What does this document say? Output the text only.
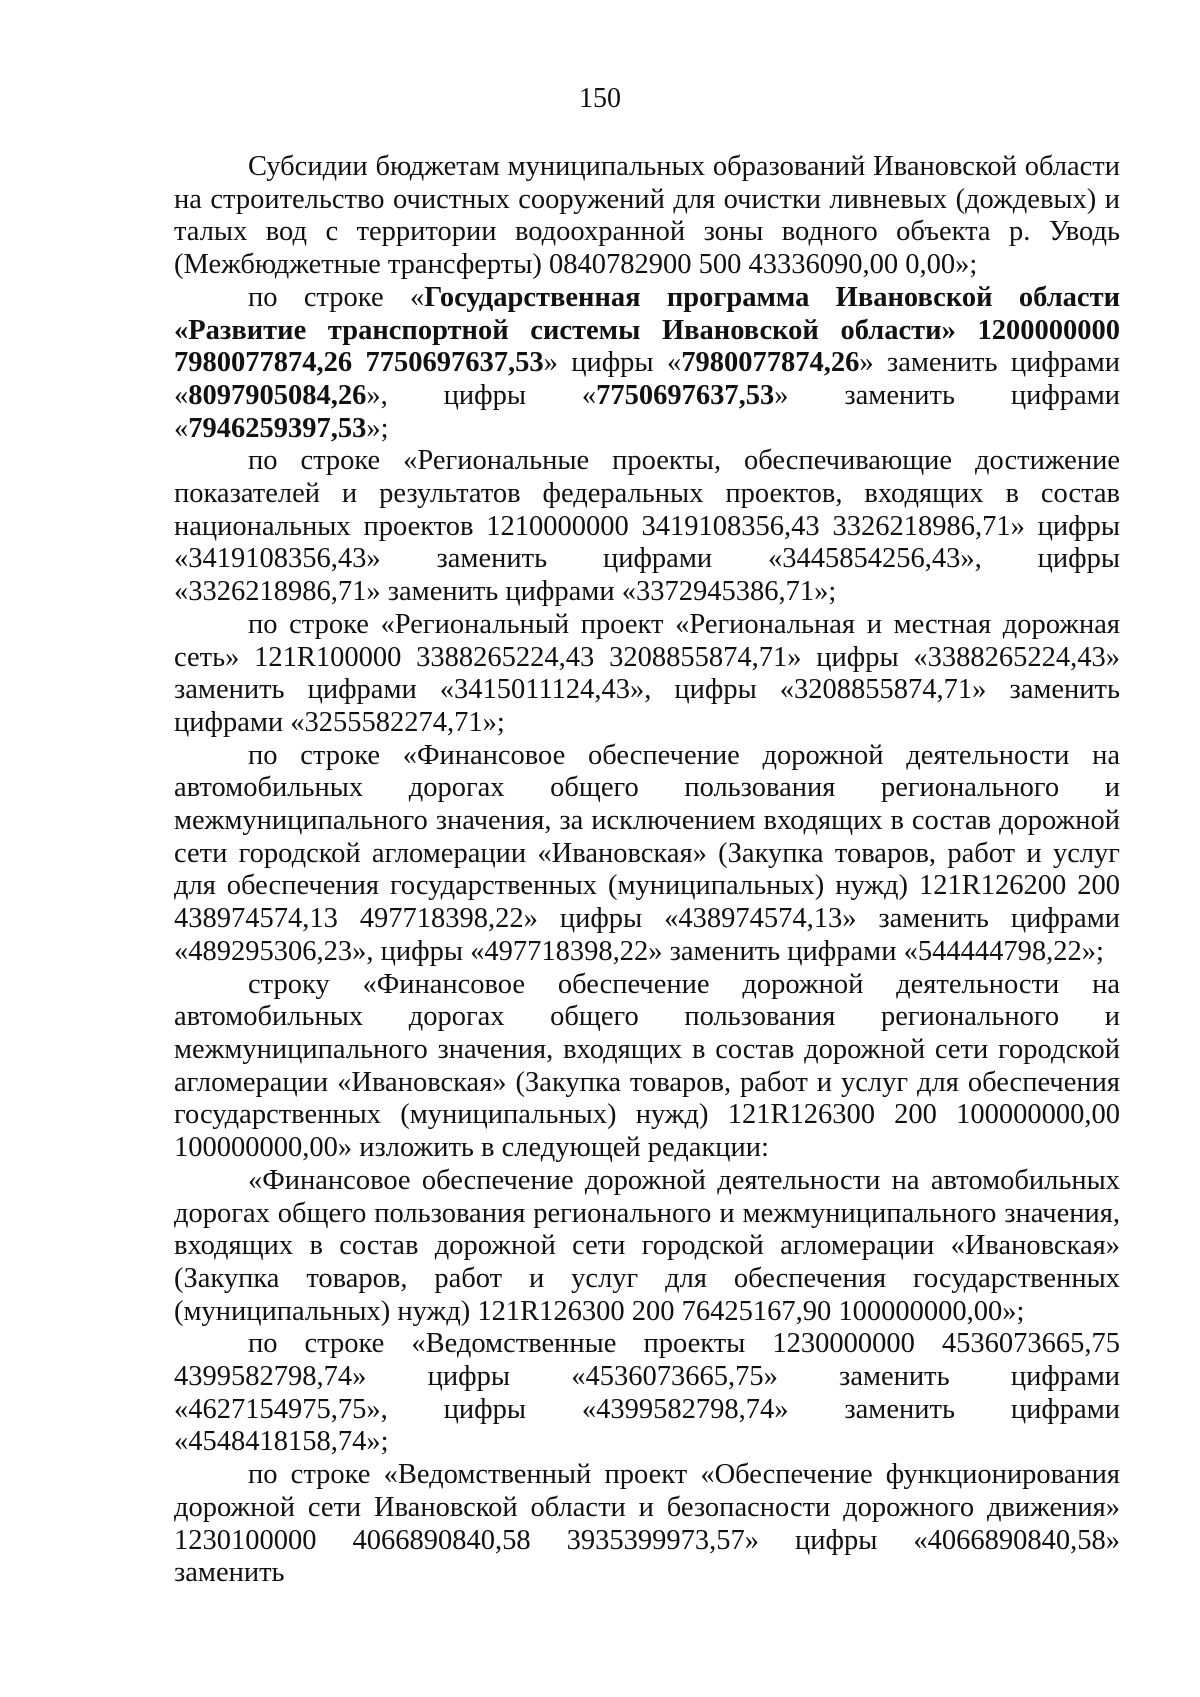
150

Субсидии бюджетам муниципальных образований Ивановской области на строительство очистных сооружений для очистки ливневых (дождевых) и талых вод с территории водоохранной зоны водного объекта р. Уводь (Межбюджетные трансферты) 0840782900 500 43336090,00 0,00»;

по строке «Государственная программа Ивановской области «Развитие транспортной системы Ивановской области» 1200000000 7980077874,26 7750697637,53» цифры «7980077874,26» заменить цифрами «8097905084,26», цифры «7750697637,53» заменить цифрами «7946259397,53»;

по строке «Региональные проекты, обеспечивающие достижение показателей и результатов федеральных проектов, входящих в состав национальных проектов 1210000000 3419108356,43 3326218986,71» цифры «3419108356,43» заменить цифрами «3445854256,43», цифры «3326218986,71» заменить цифрами «3372945386,71»;

по строке «Региональный проект «Региональная и местная дорожная сеть» 121R100000 3388265224,43 3208855874,71» цифры «3388265224,43» заменить цифрами «3415011124,43», цифры «3208855874,71» заменить цифрами «3255582274,71»;

по строке «Финансовое обеспечение дорожной деятельности на автомобильных дорогах общего пользования регионального и межмуниципального значения, за исключением входящих в состав дорожной сети городской агломерации «Ивановская» (Закупка товаров, работ и услуг для обеспечения государственных (муниципальных) нужд) 121R126200 200 438974574,13 497718398,22» цифры «438974574,13» заменить цифрами «489295306,23», цифры «497718398,22» заменить цифрами «544444798,22»;

строку «Финансовое обеспечение дорожной деятельности на автомобильных дорогах общего пользования регионального и межмуниципального значения, входящих в состав дорожной сети городской агломерации «Ивановская» (Закупка товаров, работ и услуг для обеспечения государственных (муниципальных) нужд) 121R126300 200 100000000,00 100000000,00» изложить в следующей редакции:

«Финансовое обеспечение дорожной деятельности на автомобильных дорогах общего пользования регионального и межмуниципального значения, входящих в состав дорожной сети городской агломерации «Ивановская» (Закупка товаров, работ и услуг для обеспечения государственных (муниципальных) нужд) 121R126300 200 76425167,90 100000000,00»;

по строке «Ведомственные проекты 1230000000 4536073665,75 4399582798,74» цифры «4536073665,75» заменить цифрами «4627154975,75», цифры «4399582798,74» заменить цифрами «4548418158,74»;

по строке «Ведомственный проект «Обеспечение функционирования дорожной сети Ивановской области и безопасности дорожного движения» 1230100000 4066890840,58 3935399973,57» цифры «4066890840,58» заменить
